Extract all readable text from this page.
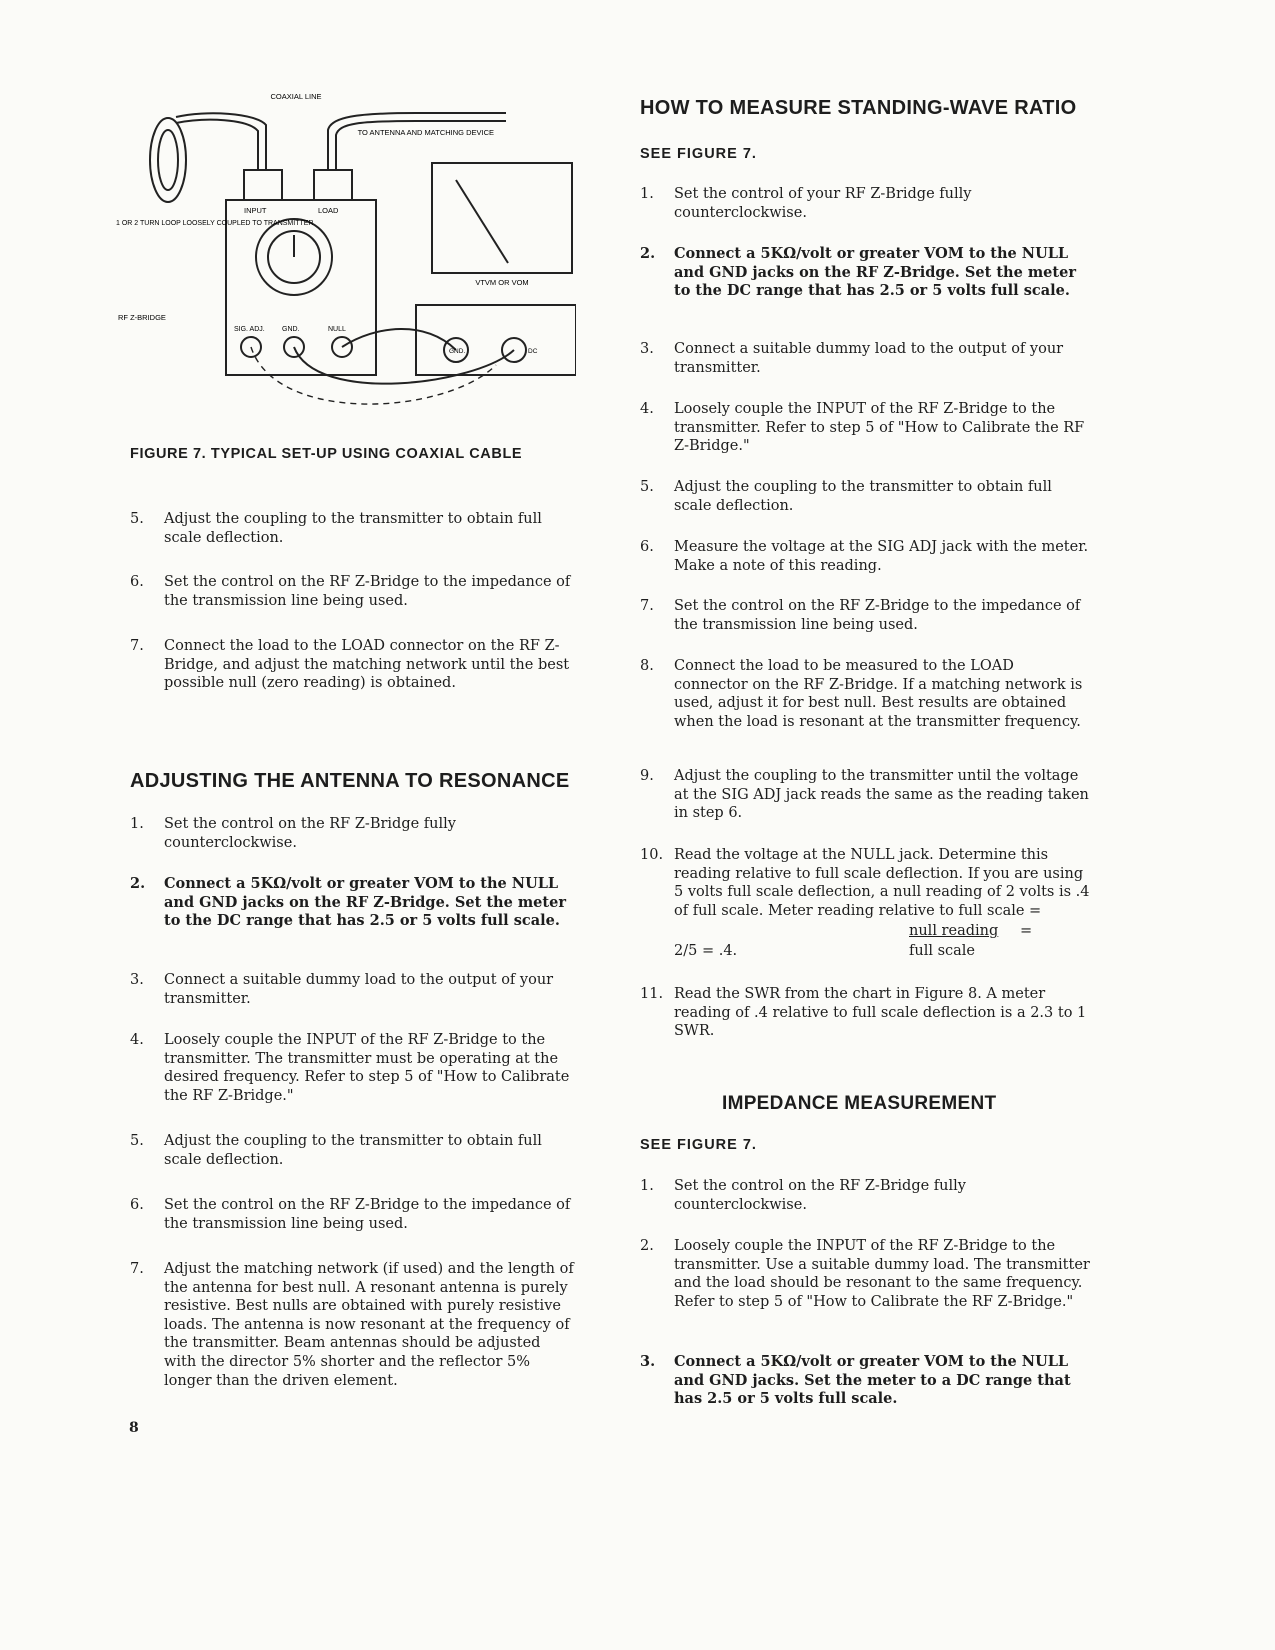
COAXIAL LINE
TO ANTENNA AND MATCHING DEVICE
1 OR 2 TURN LOOP LOOSELY COUPLED TO TRANSMITTER
RF Z-BRIDGE
INPUT	LOAD
SIG. ADJ. GND.	NULL
VTVM OR VOM
GND.	DC
FIGURE 7. TYPICAL SET-UP USING COAXIAL CABLE
5. Adjust the coupling to the transmitter to obtain full scale deflection.
6. Set the control on the RF Z-Bridge to the impedance of the transmission line being used.
7. Connect the load to the LOAD connector on the RF Z-Bridge, and adjust the matching network until the best possible null (zero reading) is obtained.
ADJUSTING THE ANTENNA TO RESONANCE
1. Set the control on the RF Z-Bridge fully counterclockwise.
2. Connect a 5KΩ/volt or greater VOM to the NULL and GND jacks on the RF Z-Bridge. Set the meter to the DC range that has 2.5 or 5 volts full scale.
3. Connect a suitable dummy load to the output of your transmitter.
4. Loosely couple the INPUT of the RF Z-Bridge to the transmitter. The transmitter must be operating at the desired frequency. Refer to step 5 of "How to Calibrate the RF Z-Bridge."
5. Adjust the coupling to the transmitter to obtain full scale deflection.
6. Set the control on the RF Z-Bridge to the impedance of the transmission line being used.
7. Adjust the matching network (if used) and the length of the antenna for best null. A resonant antenna is purely resistive. Best nulls are obtained with purely resistive loads. The antenna is now resonant at the frequency of the transmitter. Beam antennas should be adjusted with the director 5% shorter and the reflector 5% longer than the driven element.
8
HOW TO MEASURE STANDING-WAVE RATIO
SEE FIGURE 7.
1. Set the control of your RF Z-Bridge fully counterclockwise.
2. Connect a 5KΩ/volt or greater VOM to the NULL and GND jacks on the RF Z-Bridge. Set the meter to the DC range that has 2.5 or 5 volts full scale.
3. Connect a suitable dummy load to the output of your transmitter.
4. Loosely couple the INPUT of the RF Z-Bridge to the transmitter. Refer to step 5 of "How to Calibrate the RF Z-Bridge."
5. Adjust the coupling to the transmitter to obtain full scale deflection.
6. Measure the voltage at the SIG ADJ jack with the meter. Make a note of this reading.
7. Set the control on the RF Z-Bridge to the impedance of the transmission line being used.
8. Connect the load to be measured to the LOAD connector on the RF Z-Bridge. If a matching network is used, adjust it for best null. Best results are obtained when the load is resonant at the transmitter frequency.
9. Adjust the coupling to the transmitter until the voltage at the SIG ADJ jack reads the same as the reading taken in step 6.
10. Read the voltage at the NULL jack. Determine this reading relative to full scale deflection. If you are using 5 volts full scale deflection, a null reading of 2 volts is .4 of full scale. Meter reading relative to full scale =
2/5 = .4.
null reading
full scale
=
11. Read the SWR from the chart in Figure 8. A meter reading of .4 relative to full scale deflection is a 2.3 to 1 SWR.
IMPEDANCE MEASUREMENT
SEE FIGURE 7.
1. Set the control on the RF Z-Bridge fully counterclockwise.
2. Loosely couple the INPUT of the RF Z-Bridge to the transmitter. Use a suitable dummy load. The transmitter and the load should be resonant to the same frequency. Refer to step 5 of "How to Calibrate the RF Z-Bridge."
3. Connect a 5KΩ/volt or greater VOM to the NULL and GND jacks. Set the meter to a DC range that has 2.5 or 5 volts full scale.
